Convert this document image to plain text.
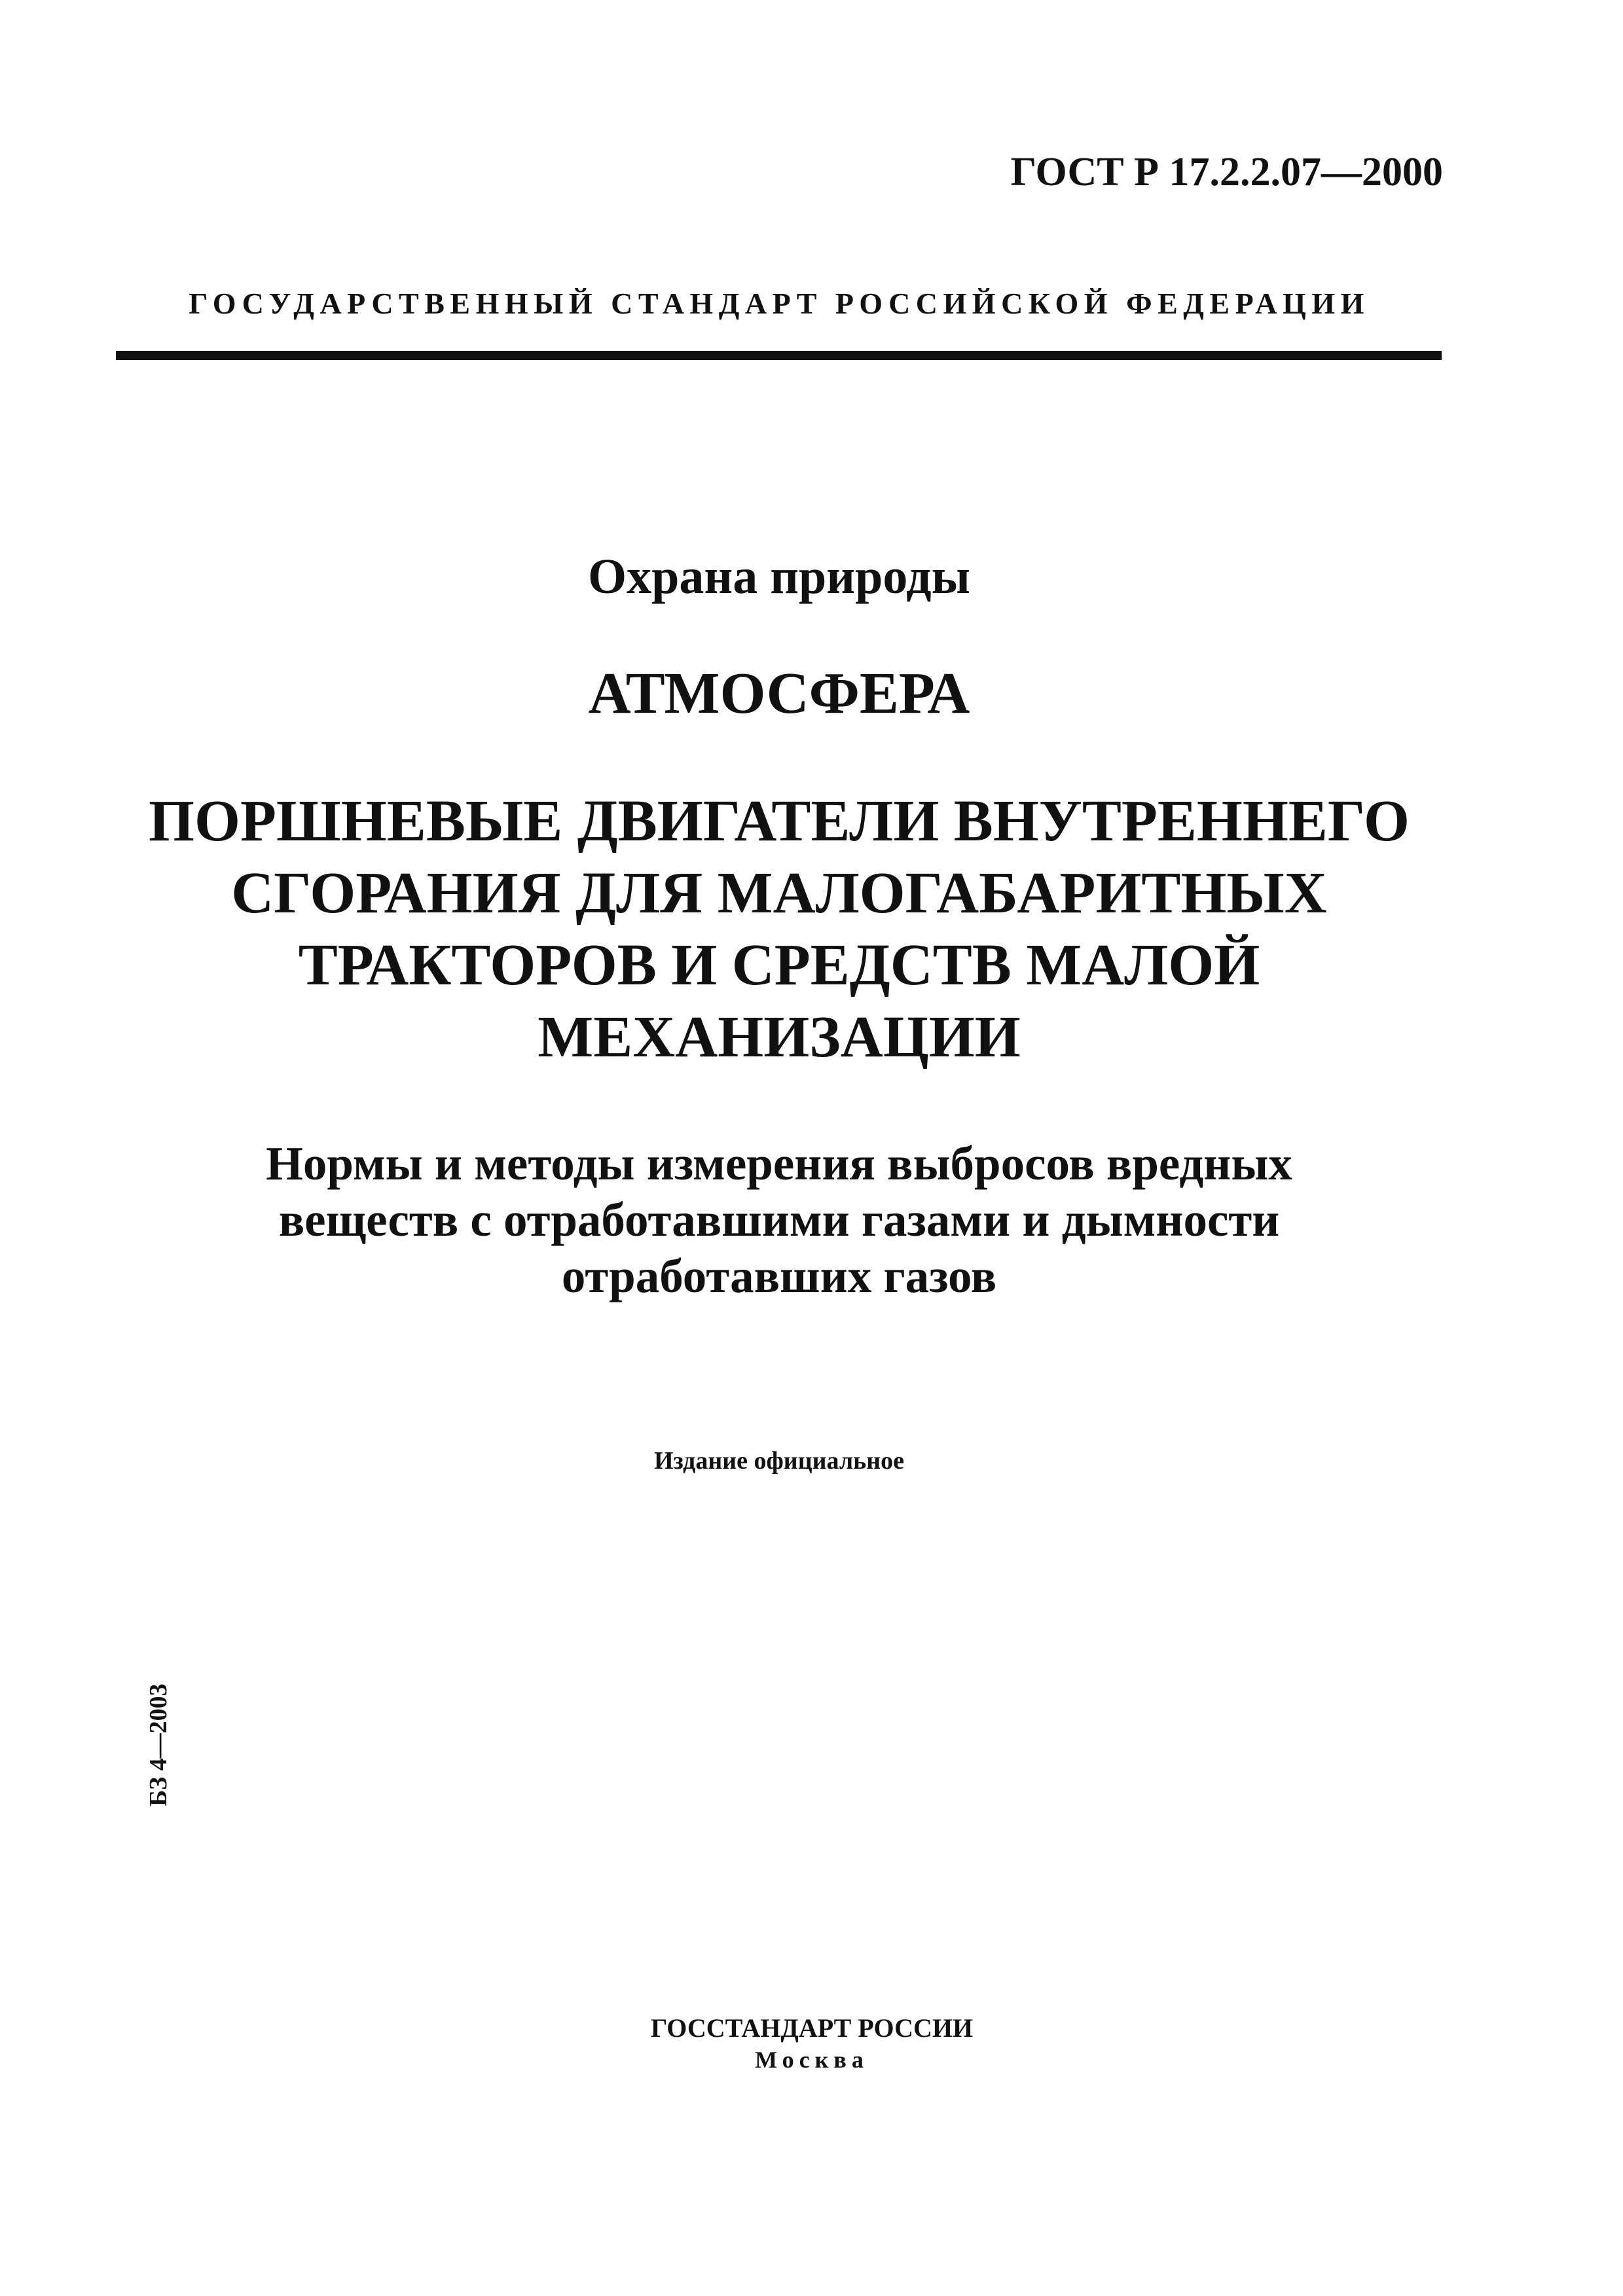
ГОСТ Р 17.2.2.07—2000
ГОСУДАРСТВЕННЫЙ СТАНДАРТ РОССИЙСКОЙ ФЕДЕРАЦИИ
Охрана природы
АТМОСФЕРА
ПОРШНЕВЫЕ ДВИГАТЕЛИ ВНУТРЕННЕГО
СГОРАНИЯ ДЛЯ МАЛОГАБАРИТНЫХ
ТРАКТОРОВ И СРЕДСТВ МАЛОЙ
МЕХАНИЗАЦИИ
Нормы и методы измерения выбросов вредных
веществ с отработавшими газами и дымности
отработавших газов
Издание официальное
БЗ 4—2003
ГОССТАНДАРТ РОССИИ
Москва
